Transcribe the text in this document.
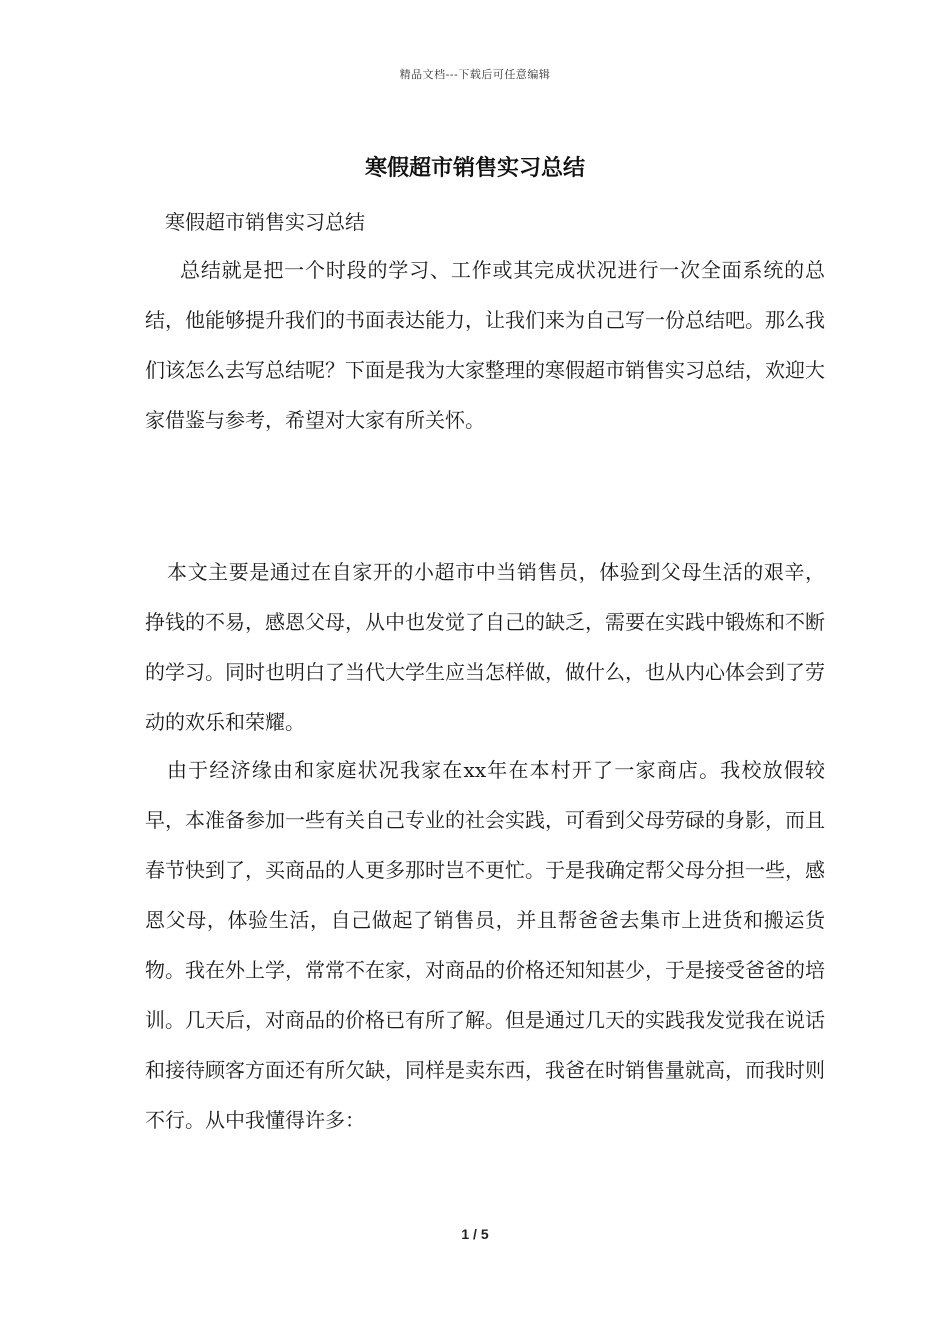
精品文档---下载后可任意编辑
寒假超市销售实习总结

寒假超市销售实习总结

总结就是把一个时段的学习、工作或其完成状况进行一次全面系统的总结，他能够提升我们的书面表达能力，让我们来为自己写一份总结吧。那么我们该怎么去写总结呢？下面是我为大家整理的寒假超市销售实习总结，欢迎大家借鉴与参考，希望对大家有所关怀。

本文主要是通过在自家开的小超市中当销售员，体验到父母生活的艰辛，挣钱的不易，感恩父母，从中也发觉了自己的缺乏，需要在实践中锻炼和不断的学习。同时也明白了当代大学生应当怎样做，做什么，也从内心体会到了劳动的欢乐和荣耀。

由于经济缘由和家庭状况我家在xx年在本村开了一家商店。我校放假较早，本准备参加一些有关自己专业的社会实践，可看到父母劳碌的身影，而且春节快到了，买商品的人更多那时岂不更忙。于是我确定帮父母分担一些，感恩父母，体验生活，自己做起了销售员，并且帮爸爸去集市上进货和搬运货物。我在外上学，常常不在家，对商品的价格还知知甚少，于是接受爸爸的培训。几天后，对商品的价格已有所了解。但是通过几天的实践我发觉我在说话和接待顾客方面还有所欠缺，同样是卖东西，我爸在时销售量就高，而我时则不行。从中我懂得许多：

1 / 5
